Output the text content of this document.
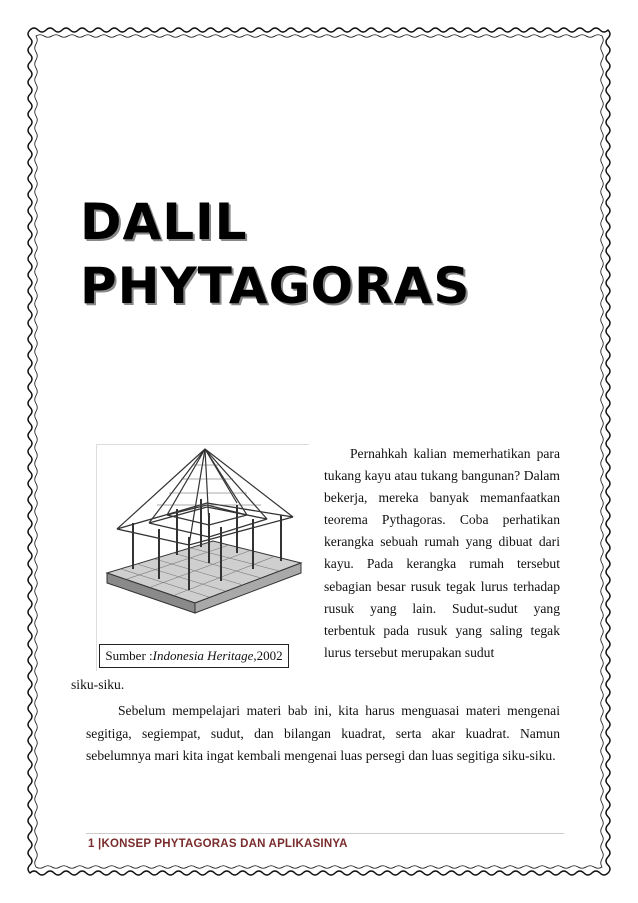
DALIL
PHYTAGORAS
Sumber :Indonesia Heritage,2002
Pernahkah kalian memerhatikan para tukang kayu atau tukang bangunan? Dalam bekerja, mereka banyak memanfaatkan teorema Pythagoras. Coba perhatikan kerangka sebuah rumah yang dibuat dari kayu. Pada kerangka rumah tersebut sebagian besar rusuk tegak lurus terhadap rusuk yang lain. Sudut-sudut yang terbentuk pada rusuk yang saling tegak lurus tersebut merupakan sudut
siku-siku.
Sebelum mempelajari materi bab ini, kita harus menguasai materi mengenai segitiga, segiempat, sudut, dan bilangan kuadrat, serta akar kuadrat. Namun sebelumnya mari kita ingat kembali mengenai luas persegi dan luas segitiga siku-siku.
1 |KONSEP PHYTAGORAS DAN APLIKASINYA
